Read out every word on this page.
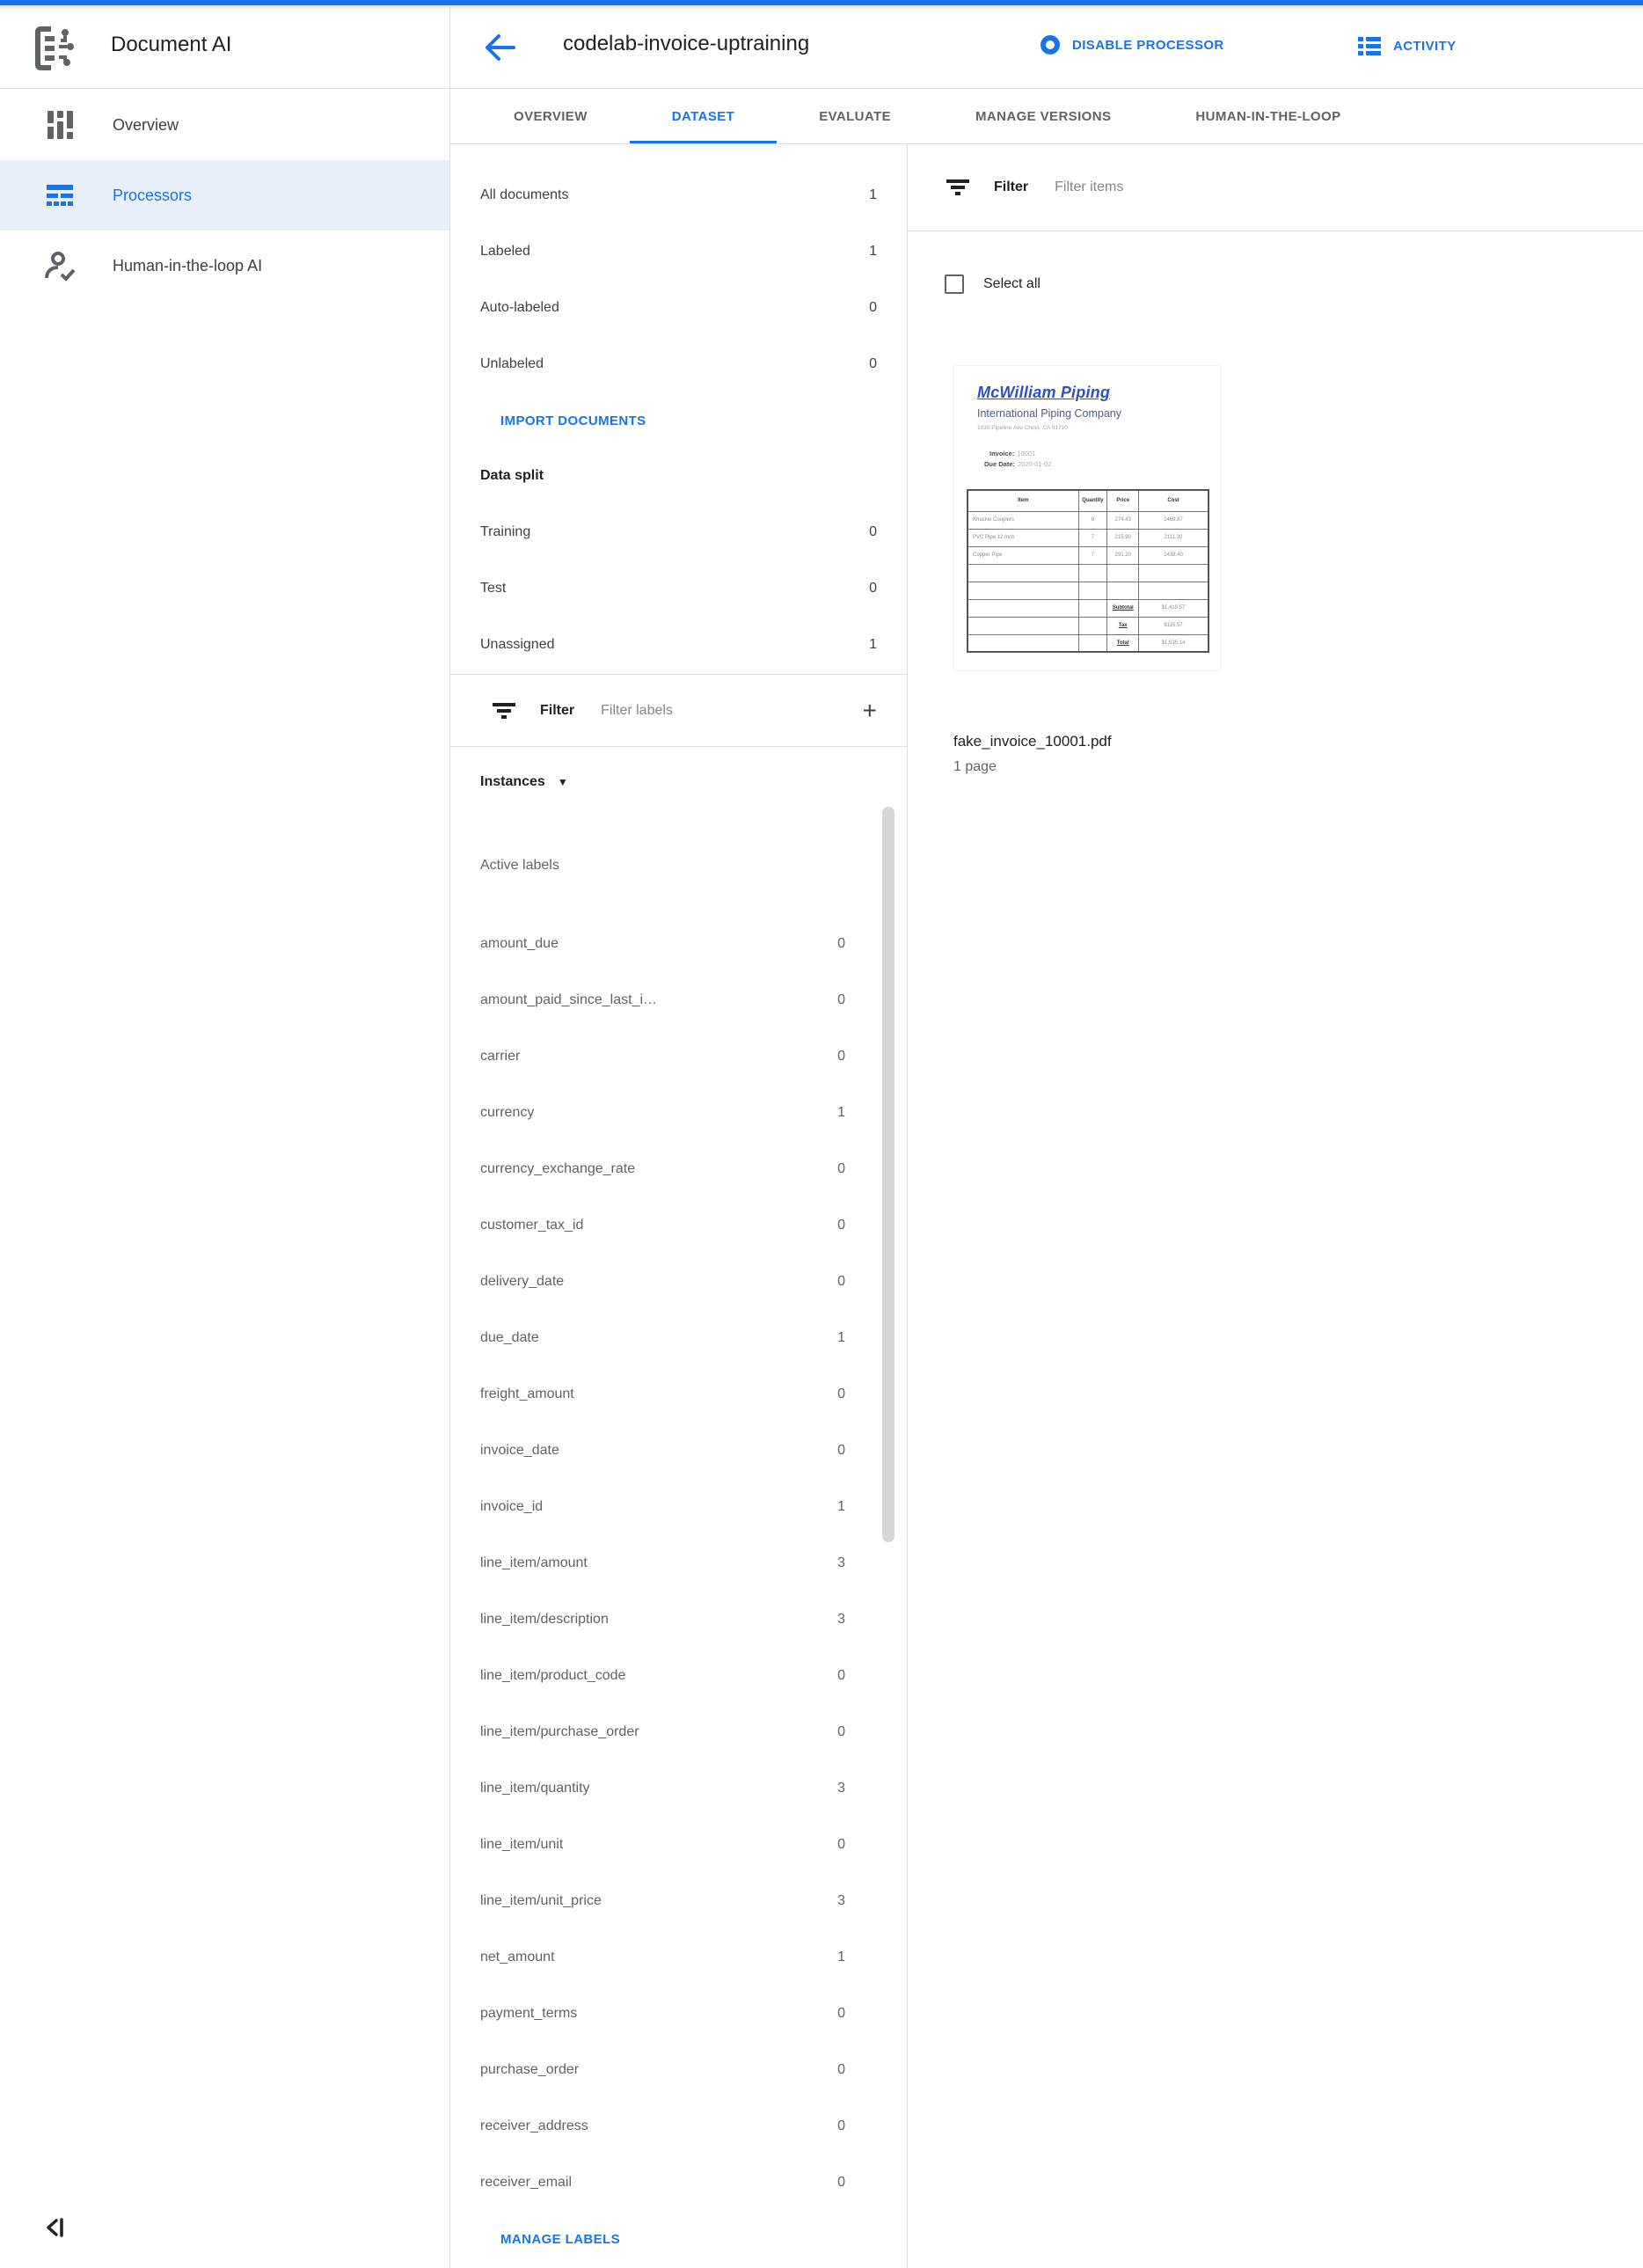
Document AI	codelab-invoice-uptraining	DISABLE PROCESSOR	ACTIVITY
OVERVIEW	DATASET	EVALUATE	MANAGE VERSIONS	HUMAN-IN-THE-LOOP
Overview
Processors
Human-in-the-loop AI
All documents	1
Labeled	1
Auto-labeled	0
Unlabeled	0
IMPORT DOCUMENTS
Data split
Training	0
Test	0
Unassigned	1
Filter
Filter labels	+
Instances ▼
Active labels
amount_due	0
amount_paid_since_last_i…	0
carrier	0
currency	1
currency_exchange_rate	0
customer_tax_id	0
delivery_date	0
due_date	1
freight_amount	0
invoice_date	0
invoice_id	1
line_item/amount	3
line_item/description	3
line_item/product_code	0
line_item/purchase_order	0
line_item/quantity	3
line_item/unit	0
line_item/unit_price	3
net_amount	1
payment_terms	0
purchase_order	0
receiver_address	0
receiver_email	0
MANAGE LABELS
Filter
Filter items
Select all
McWilliam Piping
International Piping Company
1030 Pipeline Ave Chino, CA 91710
Invoice: 10001
Due Date: 2020-01-02
Item	Quantity	Price	Cost
Knuckle Couplers	9	274.43	2469.87
PVC Pipe 12 Inch	7	215.90	2111.30
Copper Pipe	7	291.20	2438.40

		Subtotal	$1,419.57
		Tax	$115.57
		Total	$1,535.14
fake_invoice_10001.pdf
1 page
